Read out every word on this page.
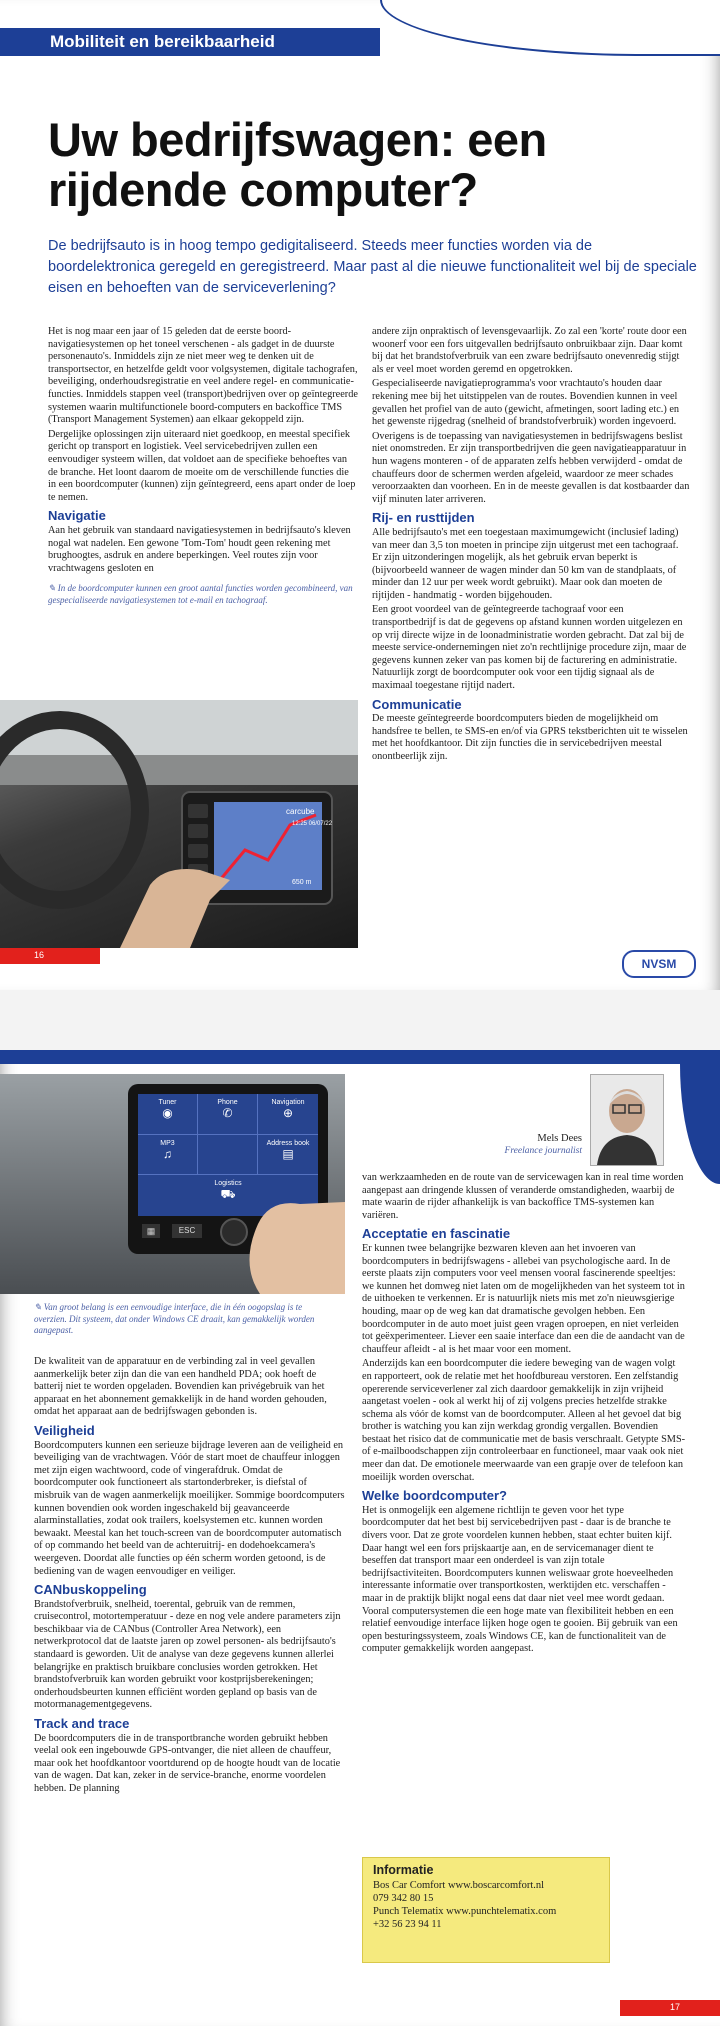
Mobiliteit en bereikbaarheid
Uw bedrijfswagen: een rijdende computer?
De bedrijfsauto is in hoog tempo gedigitaliseerd. Steeds meer functies worden via de boordelektronica geregeld en geregistreerd. Maar past al die nieuwe functionaliteit wel bij de speciale eisen en behoeften van de serviceverlening?

Het is nog maar een jaar of 15 geleden dat de eerste boord-navigatiesystemen op het toneel verschenen - als gadget in de duurste personenauto's. Inmiddels zijn ze niet meer weg te denken uit de transportsector, en hetzelfde geldt voor volgsystemen, digitale tachografen, beveiliging, onderhoudsregistratie en veel andere regel- en communicatie-functies. Inmiddels stappen veel (transport)bedrijven over op geïntegreerde systemen waarin multifunctionele boord-computers en backoffice TMS (Transport Management Systemen) aan elkaar gekoppeld zijn.

Dergelijke oplossingen zijn uiteraard niet goedkoop, en meestal specifiek gericht op transport en logistiek. Veel servicebedrijven zullen een eenvoudiger systeem willen, dat voldoet aan de specifieke behoeftes van de branche. Het loont daarom de moeite om de verschillende functies die in een boordcomputer (kunnen) zijn geïntegreerd, eens apart onder de loep te nemen.

Navigatie

Aan het gebruik van standaard navigatiesystemen in bedrijfsauto's kleven nogal wat nadelen. Een gewone 'Tom-Tom' houdt geen rekening met brughoogtes, asdruk en andere beperkingen. Veel routes zijn voor vrachtwagens gesloten en

✎ In de boordcomputer kunnen een groot aantal functies worden gecombineerd, van gespecialiseerde navigatiesystemen tot e-mail en tachograaf.

carcube
12:25 06/07/22
650 m
16

andere zijn onpraktisch of levensgevaarlijk. Zo zal een 'korte' route door een woonerf voor een fors uitgevallen bedrijfsauto onbruikbaar zijn. Daar komt bij dat het brandstofverbruik van een zware bedrijfsauto onevenredig stijgt als er veel moet worden geremd en opgetrokken.

Gespecialiseerde navigatieprogramma's voor vrachtauto's houden daar rekening mee bij het uitstippelen van de routes. Bovendien kunnen in veel gevallen het profiel van de auto (gewicht, afmetingen, soort lading etc.) en het gewenste rijgedrag (snelheid of brandstofverbruik) worden ingevoerd.

Overigens is de toepassing van navigatiesystemen in bedrijfswagens beslist niet onomstreden. Er zijn transportbedrijven die geen navigatieapparatuur in hun wagens monteren - of de apparaten zelfs hebben verwijderd - omdat de chauffeurs door de schermen werden afgeleid, waardoor ze meer schades veroorzaakten dan voorheen. En in de meeste gevallen is dat kostbaarder dan vijf minuten later arriveren.

Rij- en rusttijden

Alle bedrijfsauto's met een toegestaan maximumgewicht (inclusief lading) van meer dan 3,5 ton moeten in principe zijn uitgerust met een tachograaf. Er zijn uitzonderingen mogelijk, als het gebruik ervan beperkt is (bijvoorbeeld wanneer de wagen minder dan 50 km van de standplaats, of minder dan 12 uur per week wordt gebruikt). Maar ook dan moeten de rijtijden - handmatig - worden bijgehouden.

Een groot voordeel van de geïntegreerde tachograaf voor een transportbedrijf is dat de gegevens op afstand kunnen worden uitgelezen en op vrij directe wijze in de loonadministratie worden gebracht. Dat zal bij de meeste service-ondernemingen niet zo'n rechtlijnige procedure zijn, maar de gegevens kunnen zeker van pas komen bij de facturering en administratie. Natuurlijk zorgt de boordcomputer ook voor een tijdig signaal als de maximaal toegestane rijtijd nadert.

Communicatie

De meeste geïntegreerde boordcomputers bieden de mogelijkheid om handsfree te bellen, te SMS-en en/of via GPRS tekstberichten uit te wisselen met het hoofdkantoor. Dit zijn functies die in servicebedrijven meestal onontbeerlijk zijn.

NVSM
Tuner
◉
Phone
✆
Navigation
⊕
MP3
♫
Address book
▤
Logistics
⛟
▦	ESC

✎ Van groot belang is een eenvoudige interface, die in één oogopslag is te overzien. Dit systeem, dat onder Windows CE draait, kan gemakkelijk worden aangepast.

Mels Dees
Freelance journalist

De kwaliteit van de apparatuur en de verbinding zal in veel gevallen aanmerkelijk beter zijn dan die van een handheld PDA; ook hoeft de batterij niet te worden opgeladen. Bovendien kan privégebruik van het apparaat en het abonnement gemakkelijk in de hand worden gehouden, omdat het apparaat aan de bedrijfswagen gebonden is.

Veiligheid

Boordcomputers kunnen een serieuze bijdrage leveren aan de veiligheid en beveiliging van de vrachtwagen. Vóór de start moet de chauffeur inloggen met zijn eigen wachtwoord, code of vingerafdruk. Omdat de boordcomputer ook functioneert als startonderbreker, is diefstal of misbruik van de wagen aanmerkelijk moeilijker. Sommige boordcomputers kunnen bovendien ook worden ingeschakeld bij geavanceerde alarminstallaties, zodat ook trailers, koelsystemen etc. kunnen worden bewaakt. Meestal kan het touch-screen van de boordcomputer automatisch of op commando het beeld van de achteruitrij- en dodehoekcamera's weergeven. Doordat alle functies op één scherm worden getoond, is de bediening van de wagen eenvoudiger en veiliger.

CANbuskoppeling

Brandstofverbruik, snelheid, toerental, gebruik van de remmen, cruisecontrol, motortemperatuur - deze en nog vele andere parameters zijn beschikbaar via de CANbus (Controller Area Network), een netwerkprotocol dat de laatste jaren op zowel personen- als bedrijfsauto's standaard is geworden. Uit de analyse van deze gegevens kunnen allerlei belangrijke en praktisch bruikbare conclusies worden getrokken. Het brandstofverbruik kan worden gebruikt voor kostprijsberekeningen; onderhoudsbeurten kunnen efficiënt worden gepland op basis van de motormanagementgegevens.

Track and trace

De boordcomputers die in de transportbranche worden gebruikt hebben veelal ook een ingebouwde GPS-ontvanger, die niet alleen de chauffeur, maar ook het hoofdkantoor voortdurend op de hoogte houdt van de locatie van de wagen. Dat kan, zeker in de service-branche, enorme voordelen hebben. De planning

van werkzaamheden en de route van de servicewagen kan in real time worden aangepast aan dringende klussen of veranderde omstandigheden, waarbij de mate waarin de rijder afhankelijk is van backoffice TMS-systemen kan variëren.

Acceptatie en fascinatie

Er kunnen twee belangrijke bezwaren kleven aan het invoeren van boordcomputers in bedrijfswagens - allebei van psychologische aard. In de eerste plaats zijn computers voor veel mensen vooral fascinerende speeltjes: we kunnen het domweg niet laten om de mogelijkheden van het systeem tot in de uithoeken te verkennen. Er is natuurlijk niets mis met zo'n nieuwsgierige houding, maar op de weg kan dat dramatische gevolgen hebben. Een boordcomputer in de auto moet juist geen vragen oproepen, en niet verleiden tot geëxperimenteer. Liever een saaie interface dan een die de aandacht van de chauffeur afleidt - al is het maar voor een moment.

Anderzijds kan een boordcomputer die iedere beweging van de wagen volgt en rapporteert, ook de relatie met het hoofdbureau verstoren. Een zelfstandig opererende serviceverlener zal zich daardoor gemakkelijk in zijn vrijheid aangetast voelen - ook al werkt hij of zij volgens precies hetzelfde strakke schema als vóór de komst van de boordcomputer. Alleen al het gevoel dat big brother is watching you kan zijn werkdag grondig vergallen. Bovendien bestaat het risico dat de communicatie met de basis verschraalt. Getypte SMS- of e-mailboodschappen zijn controleerbaar en functioneel, maar vaak ook niet meer dan dat. De emotionele meerwaarde van een grapje over de telefoon kan moeilijk worden overschat.

Welke boordcomputer?

Het is onmogelijk een algemene richtlijn te geven voor het type boordcomputer dat het best bij servicebedrijven past - daar is de branche te divers voor. Dat ze grote voordelen kunnen hebben, staat echter buiten kijf. Daar hangt wel een fors prijskaartje aan, en de servicemanager dient te beseffen dat transport maar een onderdeel is van zijn totale bedrijfsactiviteiten. Boordcomputers kunnen weliswaar grote hoeveelheden interessante informatie over transportkosten, werktijden etc. verschaffen - maar in de praktijk blijkt nogal eens dat daar niet veel mee wordt gedaan. Vooral computersystemen die een hoge mate van flexibiliteit hebben en een relatief eenvoudige interface lijken hoge ogen te gooien. Bij gebruik van een open besturingssysteem, zoals Windows CE, kan de functionaliteit van de computer gemakkelijk worden aangepast.

Informatie
Bos Car Comfort www.boscarcomfort.nl
079 342 80 15
Punch Telematix www.punchtelematix.com
+32 56 23 94 11
17
